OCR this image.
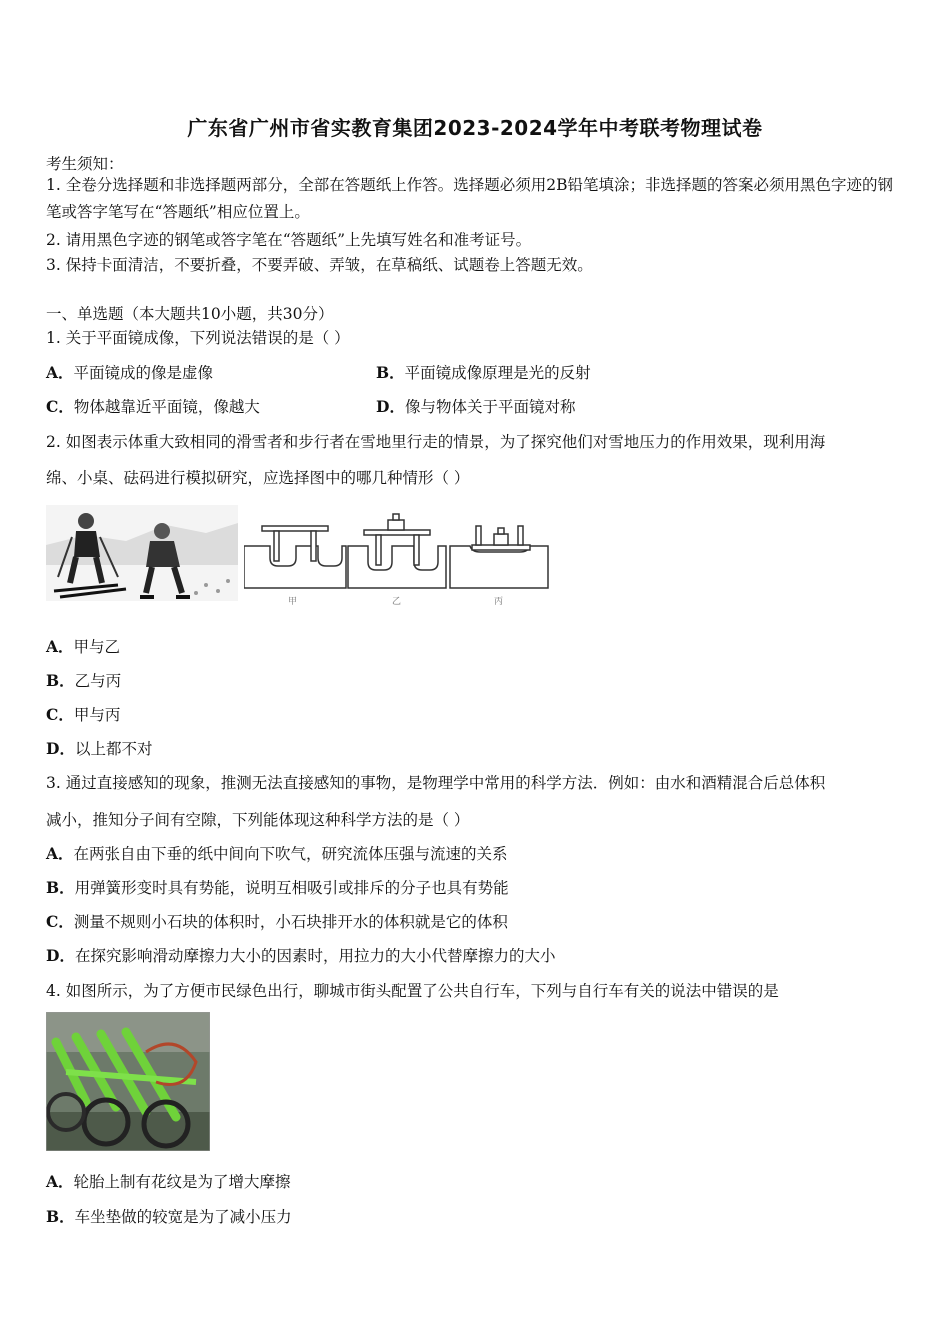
广东省广州市省实教育集团2023-2024学年中考联考物理试卷
考生须知：
1. 全卷分选择题和非选择题两部分，全部在答题纸上作答。选择题必须用2B铅笔填涂；非选择题的答案必须用黑色字迹的钢笔或答字笔写在“答题纸”相应位置上。
2. 请用黑色字迹的钢笔或答字笔在“答题纸”上先填写姓名和准考证号。
3. 保持卡面清洁，不要折叠，不要弄破、弄皱，在草稿纸、试题卷上答题无效。
一、单选题（本大题共10小题，共30分）
1. 关于平面镜成像，下列说法错误的是（ ）
A．平面镜成的像是虚像	B．平面镜成像原理是光的反射
C．物体越靠近平面镜，像越大	D．像与物体关于平面镜对称
2. 如图表示体重大致相同的滑雪者和步行者在雪地里行走的情景，为了探究他们对雪地压力的作用效果，现利用海
绵、小桌、砝码进行模拟研究，应选择图中的哪几种情形（ ）
甲	乙	丙
A．甲与乙
B．乙与丙
C．甲与丙
D．以上都不对
3. 通过直接感知的现象，推测无法直接感知的事物，是物理学中常用的科学方法．例如：由水和酒精混合后总体积
减小，推知分子间有空隙，下列能体现这种科学方法的是（ ）
A．在两张自由下垂的纸中间向下吹气，研究流体压强与流速的关系
B．用弹簧形变时具有势能，说明互相吸引或排斥的分子也具有势能
C．测量不规则小石块的体积时，小石块排开水的体积就是它的体积
D．在探究影响滑动摩擦力大小的因素时，用拉力的大小代替摩擦力的大小
4. 如图所示，为了方便市民绿色出行，聊城市街头配置了公共自行车，下列与自行车有关的说法中错误的是
A．轮胎上制有花纹是为了增大摩擦
B．车坐垫做的较宽是为了减小压力
